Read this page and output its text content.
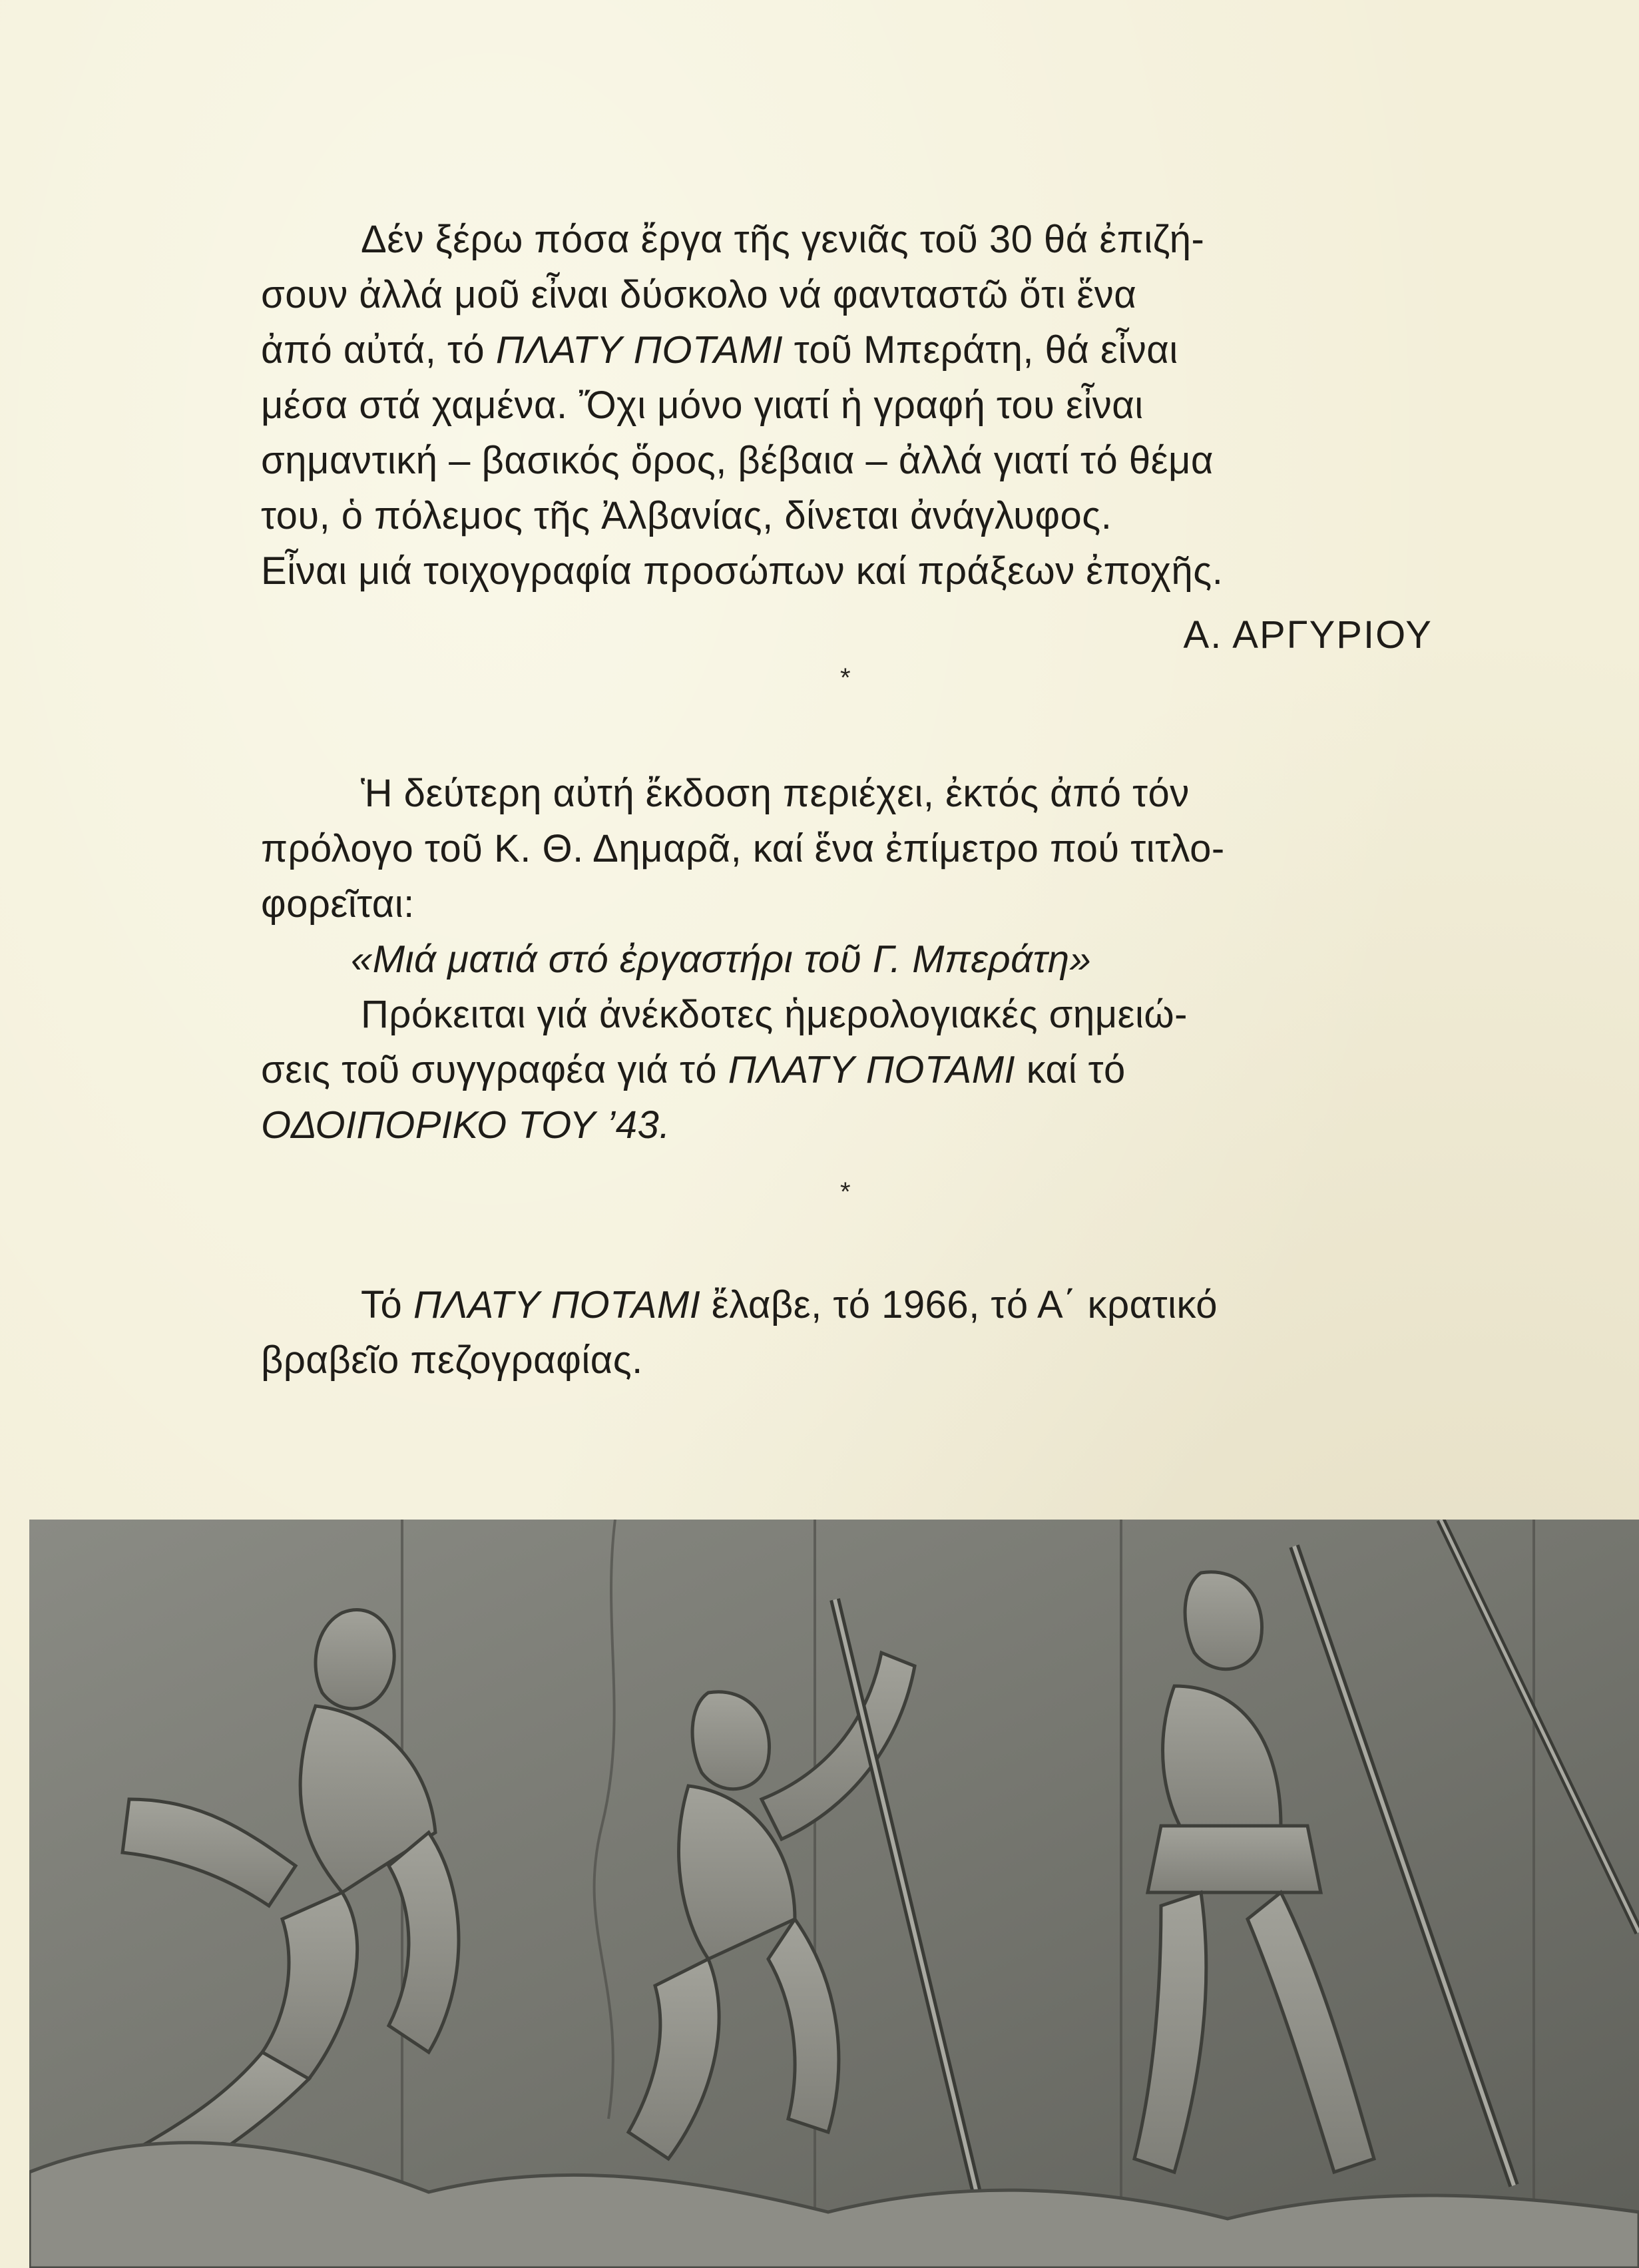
Δέν ξέρω πόσα ἔργα τῆς γενιᾶς τοῦ 30 θά ἐπιζή-
σουν ἀλλά μοῦ εἶναι δύσκολο νά φανταστῶ ὅτι ἕνα
ἀπό αὐτά, τό ΠΛΑΤΥ ΠΟΤΑΜΙ τοῦ Μπεράτη, θά εἶναι
μέσα στά χαμένα. Ὄχι μόνο γιατί ἡ γραφή του εἶναι
σημαντική – βασικός ὅρος, βέβαια – ἀλλά γιατί τό θέμα
του, ὁ πόλεμος τῆς Ἀλβανίας, δίνεται ἀνάγλυφος.
Εἶναι μιά τοιχογραφία προσώπων καί πράξεων ἐποχῆς.

Α. ΑΡΓΥΡΙΟΥ
*

Ἡ δεύτερη αὐτή ἔκδοση περιέχει, ἐκτός ἀπό τόν
πρόλογο τοῦ Κ. Θ. Δημαρᾶ, καί ἕνα ἐπίμετρο πού τιτλο-
φορεῖται:
«Μιά ματιά στό ἐργαστήρι τοῦ Γ. Μπεράτη»
Πρόκειται γιά ἀνέκδοτες ἡμερολογιακές σημειώ-
σεις τοῦ συγγραφέα γιά τό ΠΛΑΤΥ ΠΟΤΑΜΙ καί τό
ΟΔΟΙΠΟΡΙΚΟ ΤΟΥ ’43.

*

Τό ΠΛΑΤΥ ΠΟΤΑΜΙ ἔλαβε, τό 1966, τό Α΄ κρατικό
βραβεῖο πεζογραφίας.
